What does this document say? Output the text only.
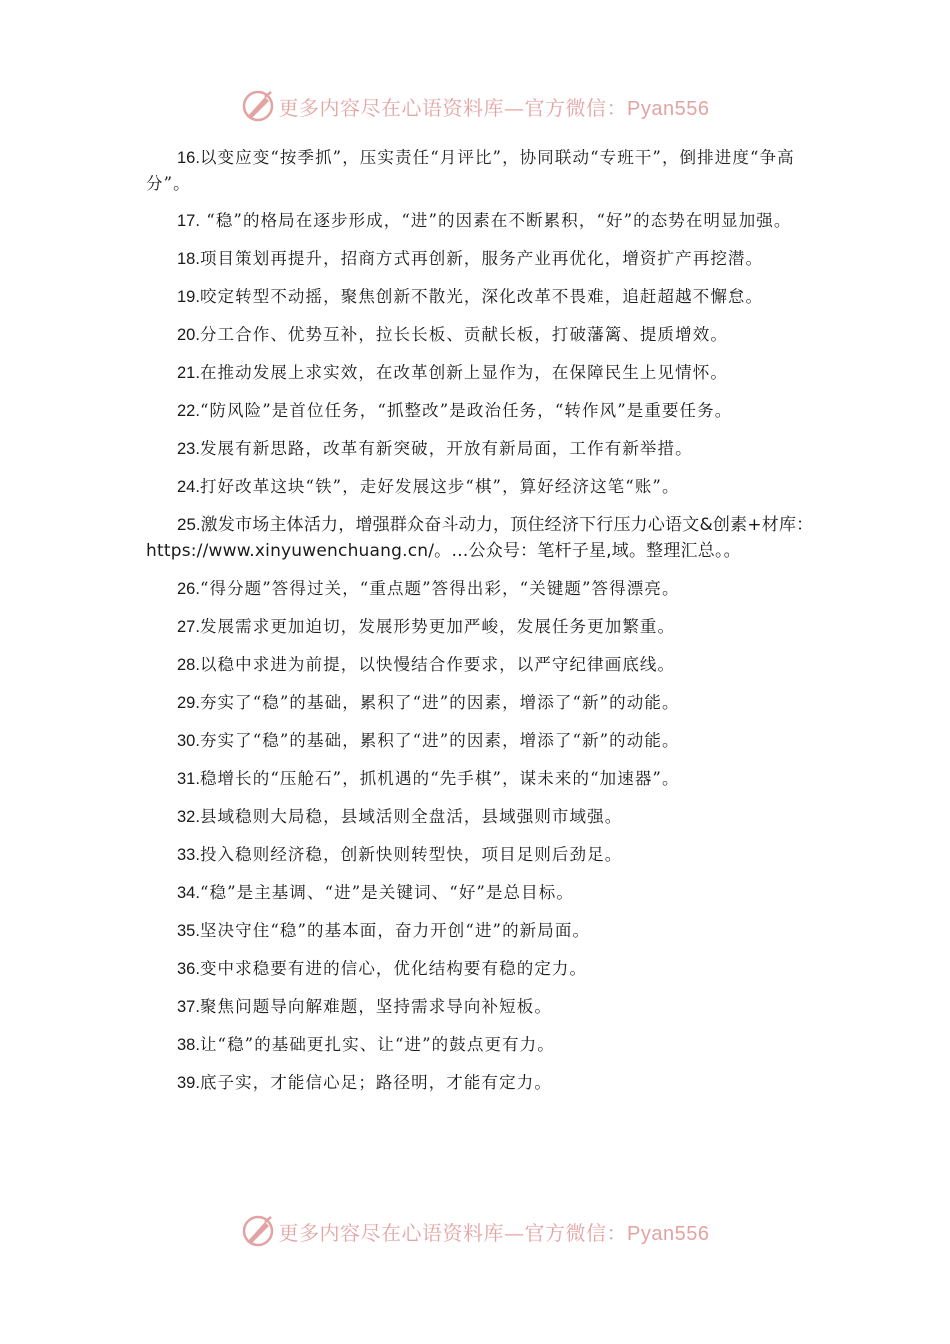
更多内容尽在心语资料库—官方微信：Pyan556

16.以变应变“按季抓”，压实责任“月评比”，协同联动“专班干”，倒排进度“争高分”。

17. “稳”的格局在逐步形成，“进”的因素在不断累积，“好”的态势在明显加强。

18.项目策划再提升，招商方式再创新，服务产业再优化，增资扩产再挖潜。

19.咬定转型不动摇，聚焦创新不散光，深化改革不畏难，追赶超越不懈怠。

20.分工合作、优势互补，拉长长板、贡献长板，打破藩篱、提质增效。

21.在推动发展上求实效，在改革创新上显作为，在保障民生上见情怀。

22.“防风险”是首位任务，“抓整改”是政治任务，“转作风”是重要任务。

23.发展有新思路，改革有新突破，开放有新局面，工作有新举措。

24.打好改革这块“铁”，走好发展这步“棋”，算好经济这笔“账”。

25.激发市场主体活力，增强群众奋斗动力，顶住经济下行压力心语文&创素+材库：https://www.xinyuwenchuang.cn/。…公众号：笔杆子星,域。整理汇总。。

26.“得分题”答得过关，“重点题”答得出彩，“关键题”答得漂亮。

27.发展需求更加迫切，发展形势更加严峻，发展任务更加繁重。

28.以稳中求进为前提，以快慢结合作要求，以严守纪律画底线。

29.夯实了“稳”的基础，累积了“进”的因素，增添了“新”的动能。

30.夯实了“稳”的基础，累积了“进”的因素，增添了“新”的动能。

31.稳增长的“压舱石”，抓机遇的“先手棋”，谋未来的“加速器”。

32.县域稳则大局稳，县域活则全盘活，县域强则市域强。

33.投入稳则经济稳，创新快则转型快，项目足则后劲足。

34.“稳”是主基调、“进”是关键词、“好”是总目标。

35.坚决守住“稳”的基本面，奋力开创“进”的新局面。

36.变中求稳要有进的信心，优化结构要有稳的定力。

37.聚焦问题导向解难题，坚持需求导向补短板。

38.让“稳”的基础更扎实、让“进”的鼓点更有力。

39.底子实，才能信心足；路径明，才能有定力。

更多内容尽在心语资料库—官方微信：Pyan556
